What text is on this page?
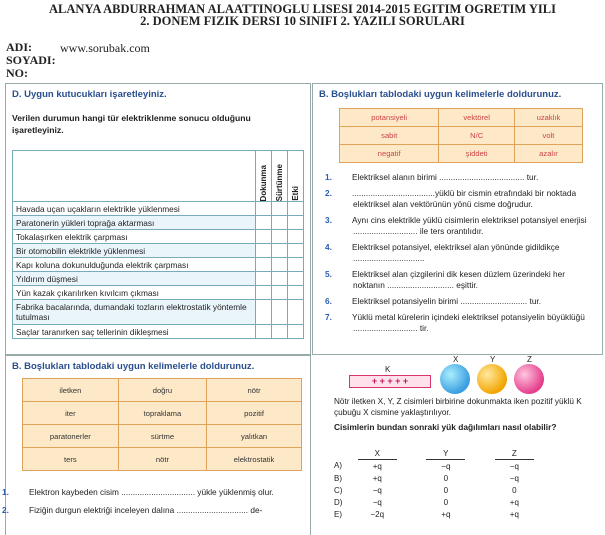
ALANYA ABDURRAHMAN ALAATTINOGLU LISESI 2014-2015 EGITIM OGRETIM YILI
2. DONEM FIZIK DERSI 10 SINIFI 2. YAZILI SORULARI
ADI: www.sorubak.com
SOYADI:
NO:
D. Uygun kutucukları işaretleyiniz.
Verilen durumun hangi tür elektriklenme sonucu olduğunu işaretleyiniz.

	Dokunma	Sürtünme	Etki

Havada uçan uçakların elektrikle yüklenmesi			
Paratonerin yükleri toprağa aktarması			
Tokalaşırken elektrik çarpması			
Bir otomobilin elektrikle yüklenmesi			
Kapı koluna dokunulduğunda elektrik çarpması			
Yıldırım düşmesi			
Yün kazak çıkarılırken kıvılcım çıkması			
Fabrika bacalarında, dumandaki tozların elektrostatik yöntemle tutulması			
Saçlar taranırken saç tellerinin dikleşmesi			
B. Boşlukları tablodaki uygun kelimelerle doldurunuz.
potansiyeli	vektörel	uzaklık
sabit	N/C	volt
negatif	şiddeti	azalır
1. Elektriksel alanın birimi ..................................... tur.
2. ....................................yüklü bir cismin etrafındaki bir noktada elektriksel alan vektörünün yönü cisme doğrudur.
3. Aynı cins elektrikle yüklü cisimlerin elektriksel potansiyel enerjisi ............................ ile ters orantılıdır.
4. Elektriksel potansiyel, elektriksel alan yönünde gidildikçe ...............................
5. Elektriksel alan çizgilerini dik kesen düzlem üzerindeki her noktanın ............................. eşittir.
6. Elektriksel potansiyelin birimi ............................. tur.
7. Yüklü metal kürelerin içindeki elektriksel potansiyelin büyüklüğü ............................ tir.
B. Boşlukları tablodaki uygun kelimelerle doldurunuz.
iletken	doğru	nötr
iter	topraklama	pozitif
paratonerler	sürtme	yalıtkan
ters	nötr	elektrostatik
1. Elektron kaybeden cisim ................................ yükle yüklenmiş olur.
2. Fiziğin durgun elektriği inceleyen dalına ............................... de-
K
X	Y	Z
+ + + + +
Nötr iletken X, Y, Z cisimleri birbirine dokunmakta iken pozitif yüklü K çubuğu X cismine yaklaştırılıyor.
Cisimlerin bundan sonraki yük dağılımları nasıl olabilir?
	X		Y		Z
A)	+q		−q		−q
B)	+q		0		−q
C)	−q		0		0
D)	−q		0		+q
E)	−2q		+q		+q
